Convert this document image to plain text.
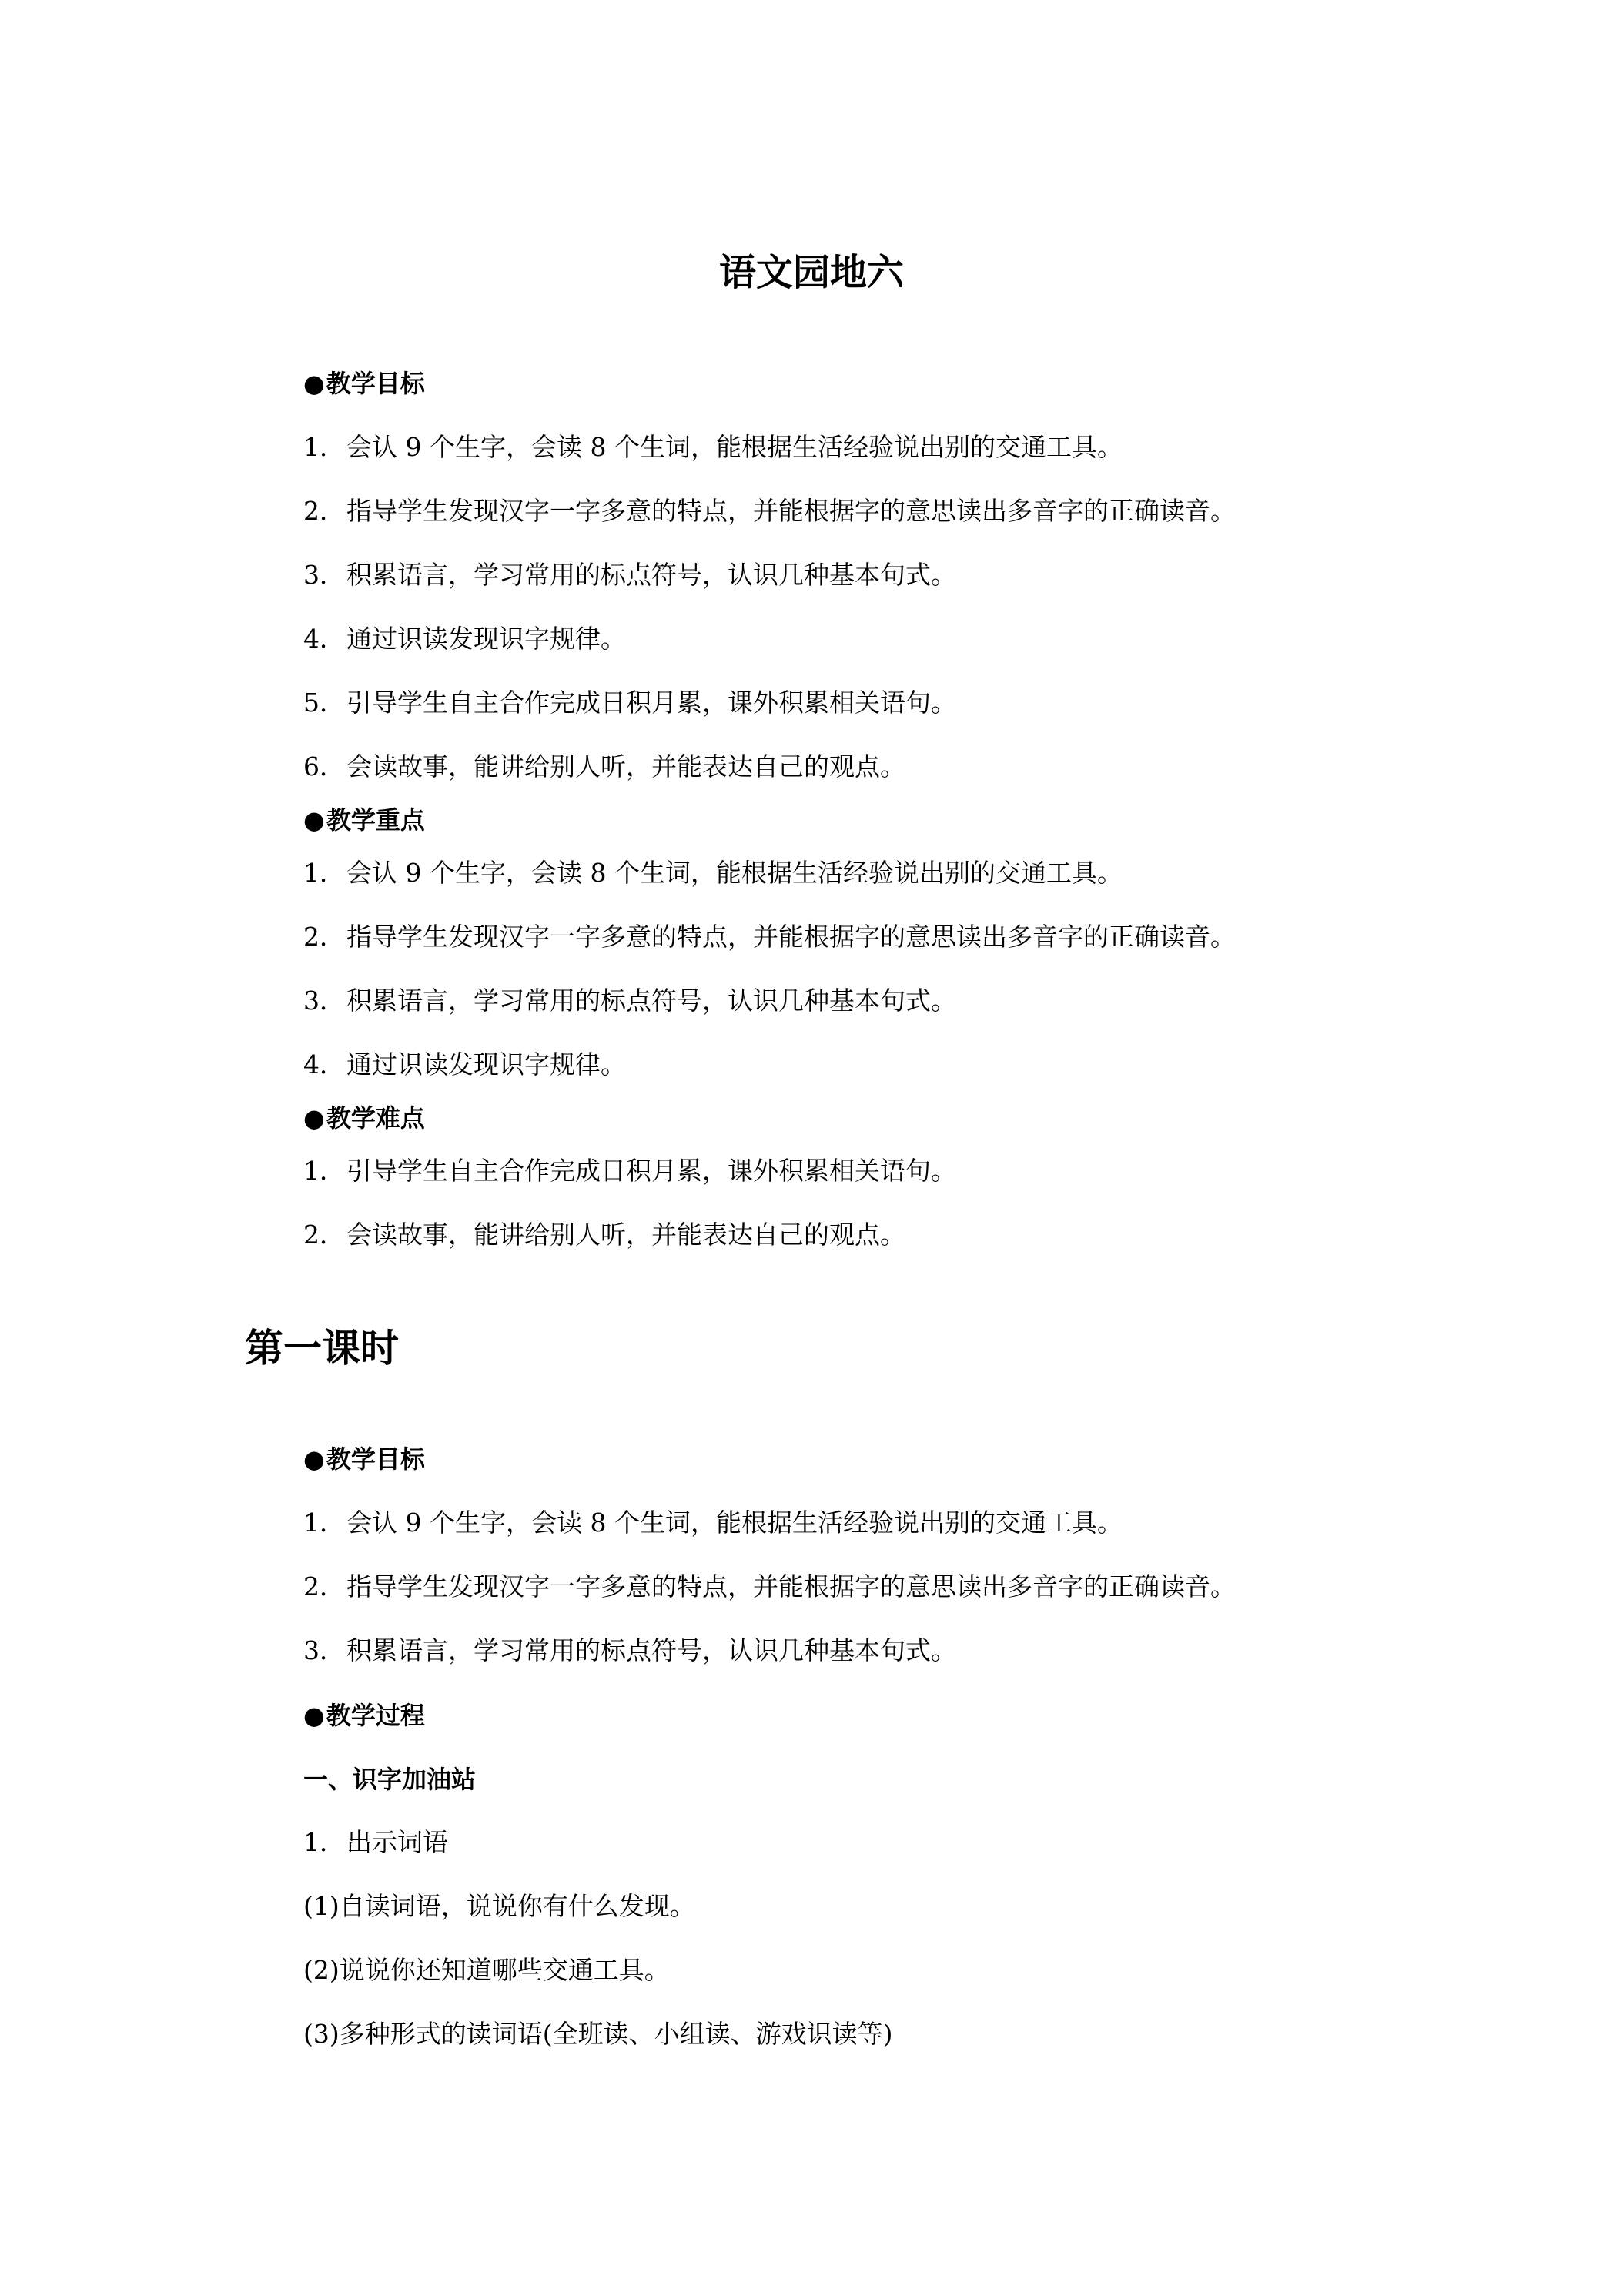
语文园地六
●教学目标
1．会认 9 个生字，会读 8 个生词，能根据生活经验说出别的交通工具。
2．指导学生发现汉字一字多意的特点，并能根据字的意思读出多音字的正确读音。
3．积累语言，学习常用的标点符号，认识几种基本句式。
4．通过识读发现识字规律。
5．引导学生自主合作完成日积月累，课外积累相关语句。
6．会读故事，能讲给别人听，并能表达自己的观点。
●教学重点
1．会认 9 个生字，会读 8 个生词，能根据生活经验说出别的交通工具。
2．指导学生发现汉字一字多意的特点，并能根据字的意思读出多音字的正确读音。
3．积累语言，学习常用的标点符号，认识几种基本句式。
4．通过识读发现识字规律。
●教学难点
1．引导学生自主合作完成日积月累，课外积累相关语句。
2．会读故事，能讲给别人听，并能表达自己的观点。
第一课时
●教学目标
1．会认 9 个生字，会读 8 个生词，能根据生活经验说出别的交通工具。
2．指导学生发现汉字一字多意的特点，并能根据字的意思读出多音字的正确读音。
3．积累语言，学习常用的标点符号，认识几种基本句式。
●教学过程
一、识字加油站
1．出示词语
(1)自读词语，说说你有什么发现。
(2)说说你还知道哪些交通工具。
(3)多种形式的读词语(全班读、小组读、游戏识读等)
